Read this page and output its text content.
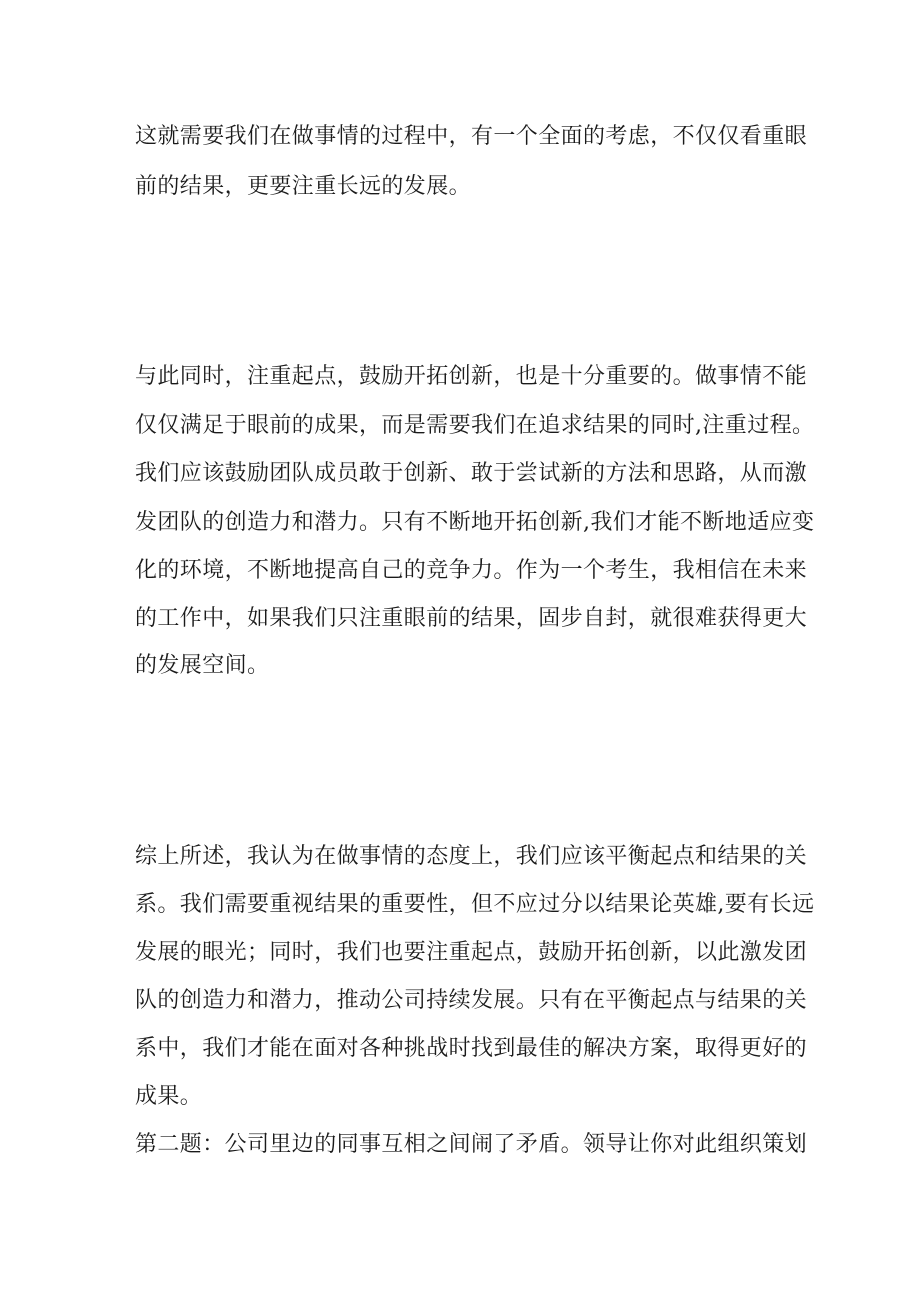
这就需要我们在做事情的过程中，有一个全面的考虑，不仅仅看重眼
前的结果，更要注重长远的发展。
与此同时，注重起点，鼓励开拓创新，也是十分重要的。做事情不能
仅仅满足于眼前的成果，而是需要我们在追求结果的同时,注重过程。
我们应该鼓励团队成员敢于创新、敢于尝试新的方法和思路，从而激
发团队的创造力和潜力。只有不断地开拓创新,我们才能不断地适应变
化的环境，不断地提高自己的竞争力。作为一个考生，我相信在未来
的工作中，如果我们只注重眼前的结果，固步自封，就很难获得更大
的发展空间。
综上所述，我认为在做事情的态度上，我们应该平衡起点和结果的关
系。我们需要重视结果的重要性，但不应过分以结果论英雄,要有长远
发展的眼光；同时，我们也要注重起点，鼓励开拓创新，以此激发团
队的创造力和潜力，推动公司持续发展。只有在平衡起点与结果的关
系中，我们才能在面对各种挑战时找到最佳的解决方案，取得更好的
成果。
第二题：公司里边的同事互相之间闹了矛盾。领导让你对此组织策划
